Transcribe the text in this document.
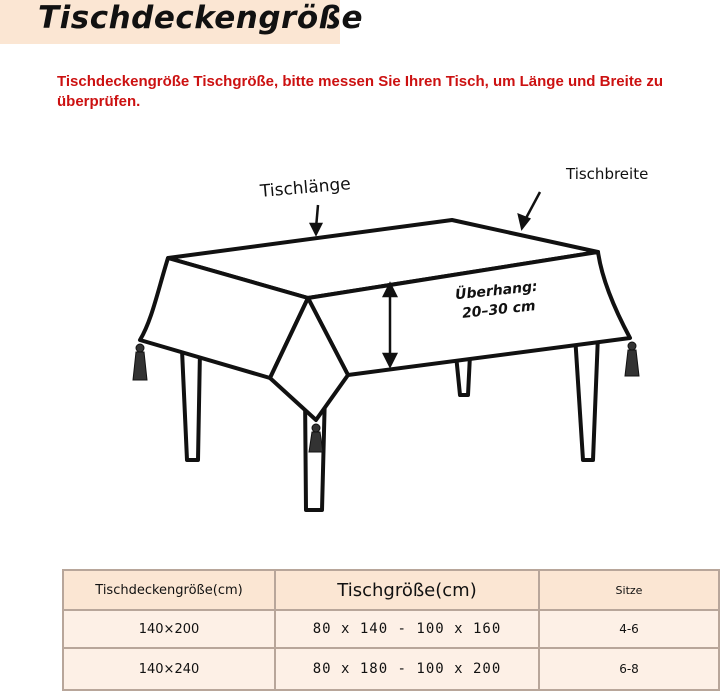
Tischdeckengröße
Tischdeckengröße Tischgröße, bitte messen Sie Ihren Tisch, um Länge und Breite zu überprüfen.
Tischlänge
Tischbreite
Überhang:
20–30 cm
Tischdeckengröße(cm)	Tischgröße(cm)	Sitze
140×200	80 x 140 - 100 x 160	4-6
140×240	80 x 180 - 100 x 200	6-8
